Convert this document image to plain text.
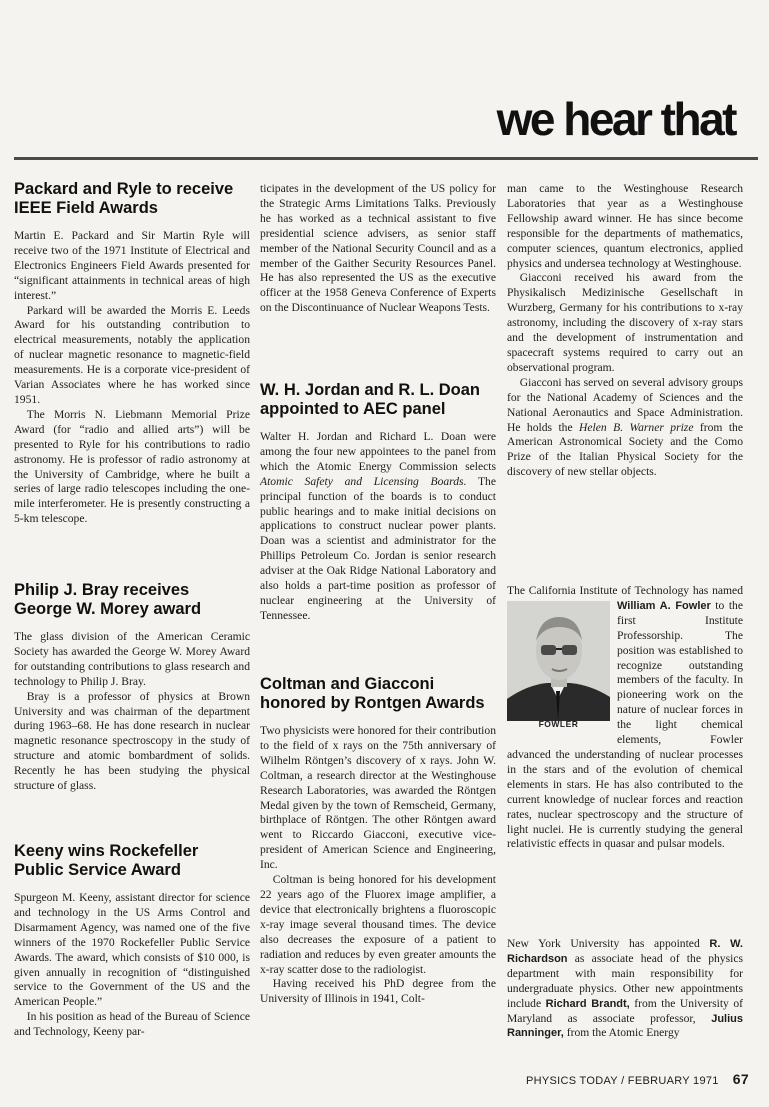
we hear that
Packard and Ryle to receive IEEE Field Awards

Martin E. Packard and Sir Martin Ryle will receive two of the 1971 Institute of Electrical and Electronics Engineers Field Awards presented for “significant attainments in technical areas of high interest.”

Parkard will be awarded the Morris E. Leeds Award for his outstanding contribution to electrical measurements, notably the application of nuclear magnetic resonance to magnetic-field measurements. He is a corporate vice-president of Varian Associates where he has worked since 1951.

The Morris N. Liebmann Memorial Prize Award (for “radio and allied arts”) will be presented to Ryle for his contributions to radio astronomy. He is professor of radio astronomy at the University of Cambridge, where he built a series of large radio telescopes including the one-mile interferometer. He is presently constructing a 5-km telescope.

Philip J. Bray receives George W. Morey award

The glass division of the American Ceramic Society has awarded the George W. Morey Award for outstanding contributions to glass research and technology to Philip J. Bray.

Bray is a professor of physics at Brown University and was chairman of the department during 1963–68. He has done research in nuclear magnetic resonance spectroscopy in the study of structure and atomic bombardment of solids. Recently he has been studying the physical structure of glass.

Keeny wins Rockefeller Public Service Award

Spurgeon M. Keeny, assistant director for science and technology in the US Arms Control and Disarmament Agency, was named one of the five winners of the 1970 Rockefeller Public Service Awards. The award, which consists of $10 000, is given annually in recognition of “distinguished service to the Government of the US and the American People.”

In his position as head of the Bureau of Science and Technology, Keeny par-

ticipates in the development of the US policy for the Strategic Arms Limitations Talks. Previously he has worked as a technical assistant to five presidential science advisers, as senior staff member of the National Security Council and as a member of the Gaither Security Resources Panel. He has also represented the US as the executive officer at the 1958 Geneva Conference of Experts on the Discontinuance of Nuclear Weapons Tests.

W. H. Jordan and R. L. Doan appointed to AEC panel

Walter H. Jordan and Richard L. Doan were among the four new appointees to the panel from which the Atomic Energy Commission selects Atomic Safety and Licensing Boards. The principal function of the boards is to conduct public hearings and to make initial decisions on applications to construct nuclear power plants. Doan was a scientist and administrator for the Phillips Petroleum Co. Jordan is senior research adviser at the Oak Ridge National Laboratory and also holds a part-time position as professor of nuclear engineering at the University of Tennessee.

Coltman and Giacconi honored by Rontgen Awards

Two physicists were honored for their contribution to the field of x rays on the 75th anniversary of Wilhelm Röntgen’s discovery of x rays. John W. Coltman, a research director at the Westinghouse Research Laboratories, was awarded the Röntgen Medal given by the town of Remscheid, Germany, birthplace of Röntgen. The other Röntgen award went to Riccardo Giacconi, executive vice-president of American Science and Engineering, Inc.

Coltman is being honored for his development 22 years ago of the Fluorex image amplifier, a device that electronically brightens a fluoroscopic x-ray image several thousand times. The device also decreases the exposure of a patient to radiation and reduces by even greater amounts the x-ray scatter dose to the radiologist.

Having received his PhD degree from the University of Illinois in 1941, Colt-

man came to the Westinghouse Research Laboratories that year as a Westinghouse Fellowship award winner. He has since become responsible for the departments of mathematics, computer sciences, quantum electronics, applied physics and undersea technology at Westinghouse.

Giacconi received his award from the Physikalisch Medizinische Gesellschaft in Wurzberg, Germany for his contributions to x-ray astronomy, including the discovery of x-ray stars and the development of instrumentation and spacecraft systems required to carry out an observational program.

Giacconi has served on several advisory groups for the National Academy of Sciences and the National Aeronautics and Space Administration. He holds the Helen B. Warner prize from the American Astronomical Society and the Como Prize of the Italian Physical Society for the discovery of new stellar objects.

The California Institute of Technology has named William A. Fowler
FOWLER
to the first Institute Professorship. The position was established to recognize outstanding members of the faculty. In pioneering work on the nature of nuclear forces in the light chemical elements, Fowler advanced the understanding of nuclear processes in the stars and of the evolution of chemical elements in stars. He has also contributed to the current knowledge of nuclear forces and reaction rates, nuclear spectroscopy and the structure of light nuclei. He is currently studying the general relativistic effects in quasar and pulsar models.

New York University has appointed R. W. Richardson as associate head of the physics department with main responsibility for undergraduate physics. Other new appointments include Richard Brandt, from the University of Maryland as associate professor, Julius Ranninger, from the Atomic Energy

PHYSICS TODAY / FEBRUARY 1971 67
